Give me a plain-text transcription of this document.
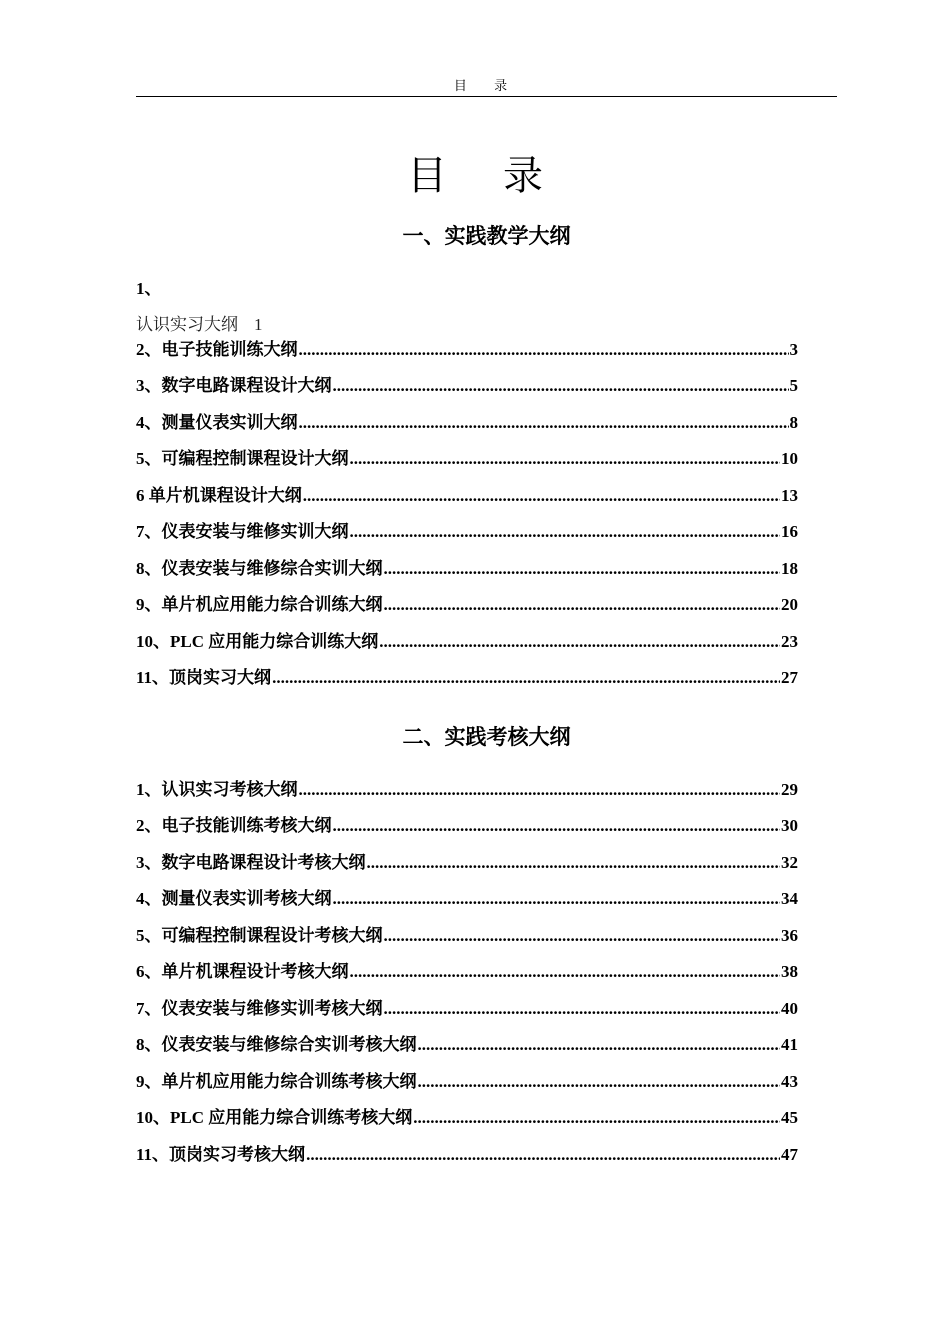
目 录
目录
一、实践教学大纲
1、
认识实习大纲 1
2、电子技能训练大纲 .....	3
3、数字电路课程设计大纲 .....	5
4、测量仪表实训大纲 .....	8
5、可编程控制课程设计大纲 .....	10
6 单片机课程设计大纲 .....	13
7、仪表安装与维修实训大纲 .....	16
8、仪表安装与维修综合实训大纲 .....	18
9、单片机应用能力综合训练大纲 .....	20
10、PLC 应用能力综合训练大纲 .....	23
11、顶岗实习大纲 .....	27
二、实践考核大纲
1、认识实习考核大纲 .....	29
2、电子技能训练考核大纲 .....	30
3、数字电路课程设计考核大纲 .....	32
4、测量仪表实训考核大纲 .....	34
5、可编程控制课程设计考核大纲 .....	36
6、单片机课程设计考核大纲 .....	38
7、仪表安装与维修实训考核大纲 .....	40
8、仪表安装与维修综合实训考核大纲 .....	41
9、单片机应用能力综合训练考核大纲 .....	43
10、PLC 应用能力综合训练考核大纲 .....	45
11、顶岗实习考核大纲 .....	47
